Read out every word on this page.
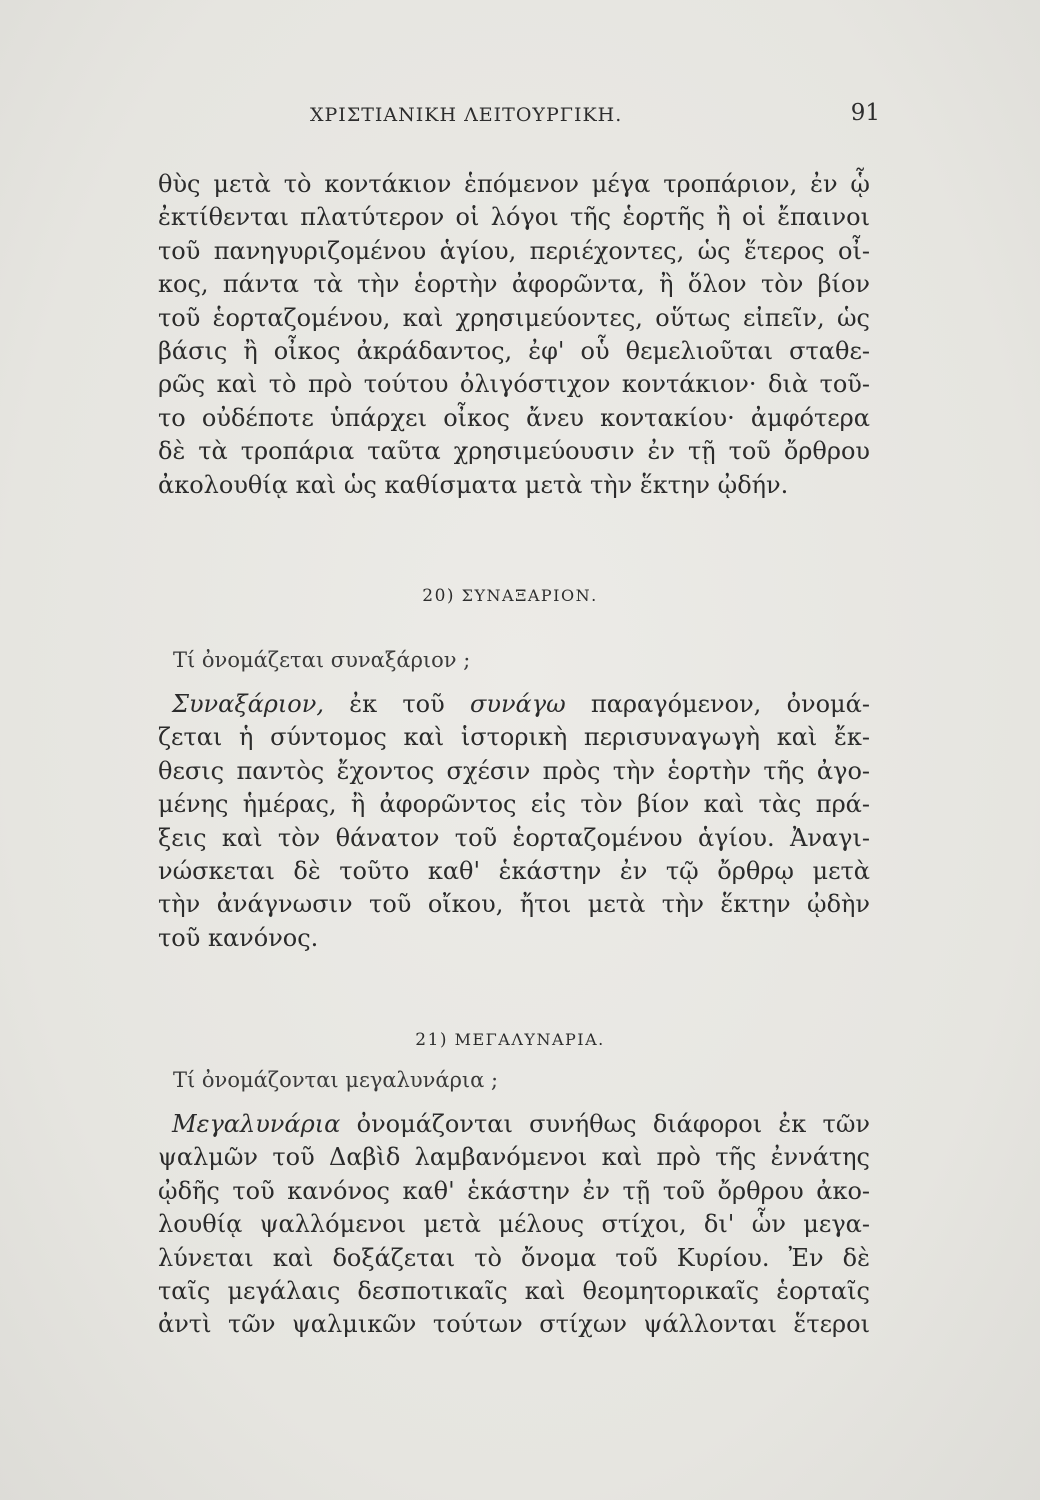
ΧΡΙΣΤΙΑΝΙΚΗ ΛΕΙΤΟΥΡΓΙΚΗ.	91
θὺς μετὰ τὸ κοντάκιον ἑπόμενον μέγα τροπάριον, ἐν ᾧ
ἐκτίθενται πλατύτερον οἱ λόγοι τῆς ἑορτῆς ἢ οἱ ἔπαινοι
τοῦ πανηγυριζομένου ἁγίου, περιέχοντες, ὡς ἕτερος οἶ-
κος, πάντα τὰ τὴν ἑορτὴν ἀφορῶντα, ἢ ὅλον τὸν βίον
τοῦ ἑορταζομένου, καὶ χρησιμεύοντες, οὕτως εἰπεῖν, ὡς
βάσις ἢ οἶκος ἀκράδαντος, ἐφ' οὗ θεμελιοῦται σταθε-
ρῶς καὶ τὸ πρὸ τούτου ὀλιγόστιχον κοντάκιον· διὰ τοῦ-
το οὐδέποτε ὑπάρχει οἶκος ἄνευ κοντακίου· ἀμφότερα
δὲ τὰ τροπάρια ταῦτα χρησιμεύουσιν ἐν τῇ τοῦ ὄρθρου
ἀκολουθίᾳ καὶ ὡς καθίσματα μετὰ τὴν ἕκτην ᾠδήν.
20) ΣΥΝΑΞΑΡΙΟΝ.
Τί ὀνομάζεται συναξάριον ;
Συναξάριον, ἐκ τοῦ συνάγω παραγόμενον, ὀνομά-
ζεται ἡ σύντομος καὶ ἱστορικὴ περισυναγωγὴ καὶ ἔκ-
θεσις παντὸς ἔχοντος σχέσιν πρὸς τὴν ἑορτὴν τῆς ἀγο-
μένης ἡμέρας, ἢ ἀφορῶντος εἰς τὸν βίον καὶ τὰς πρά-
ξεις καὶ τὸν θάνατον τοῦ ἑορταζομένου ἁγίου. Ἀναγι-
νώσκεται δὲ τοῦτο καθ' ἑκάστην ἐν τῷ ὄρθρῳ μετὰ
τὴν ἀνάγνωσιν τοῦ οἴκου, ἤτοι μετὰ τὴν ἕκτην ᾠδὴν
τοῦ κανόνος.
21) ΜΕΓΑΛΥΝΑΡΙΑ.
Τί ὀνομάζονται μεγαλυνάρια ;
Μεγαλυνάρια ὀνομάζονται συνήθως διάφοροι ἐκ τῶν
ψαλμῶν τοῦ Δαβὶδ λαμβανόμενοι καὶ πρὸ τῆς ἐννάτης
ᾠδῆς τοῦ κανόνος καθ' ἑκάστην ἐν τῇ τοῦ ὄρθρου ἀκο-
λουθίᾳ ψαλλόμενοι μετὰ μέλους στίχοι, δι' ὧν μεγα-
λύνεται καὶ δοξάζεται τὸ ὄνομα τοῦ Κυρίου. Ἐν δὲ
ταῖς μεγάλαις δεσποτικαῖς καὶ θεομητορικαῖς ἑορταῖς
ἀντὶ τῶν ψαλμικῶν τούτων στίχων ψάλλονται ἕτεροι
